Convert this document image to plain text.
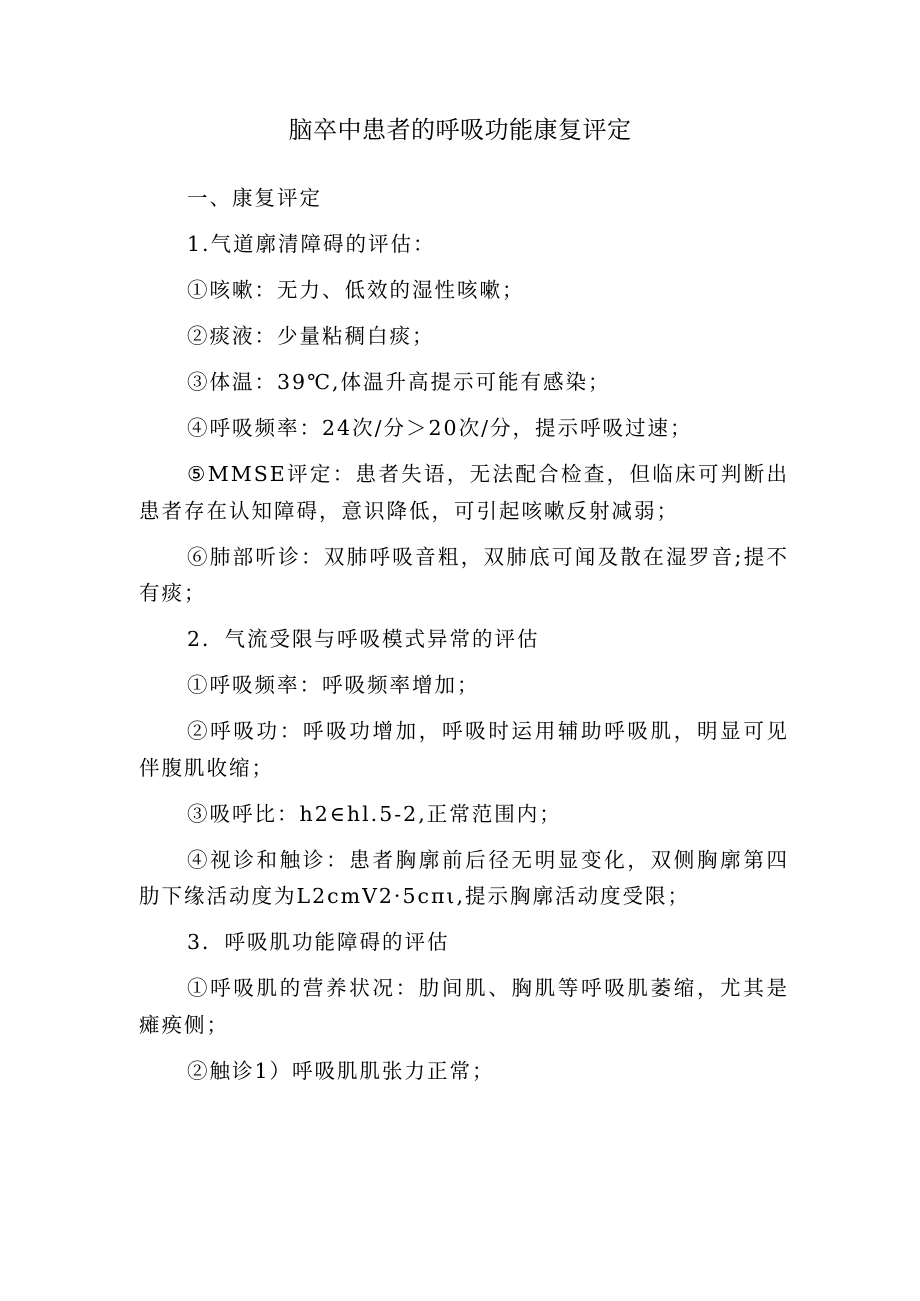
脑卒中患者的呼吸功能康复评定

一、康复评定

1.气道廓清障碍的评估：

①咳嗽：无力、低效的湿性咳嗽；

②痰液：少量粘稠白痰；

③体温：39℃,体温升高提示可能有感染；

④呼吸频率：24次/分＞20次/分，提示呼吸过速；

⑤MMSE评定：患者失语，无法配合检查，但临床可判断出患者存在认知障碍，意识降低，可引起咳嗽反射减弱；

⑥肺部听诊：双肺呼吸音粗，双肺底可闻及散在湿罗音;提不有痰；

2．气流受限与呼吸模式异常的评估

①呼吸频率：呼吸频率增加；

②呼吸功：呼吸功增加，呼吸时运用辅助呼吸肌，明显可见伴腹肌收缩；

③吸呼比：h2∈hl.5-2,正常范围内；

④视诊和触诊：患者胸廓前后径无明显变化，双侧胸廓第四肋下缘活动度为L2cmV2·5cπι,提示胸廓活动度受限；

3．呼吸肌功能障碍的评估

①呼吸肌的营养状况：肋间肌、胸肌等呼吸肌萎缩，尤其是瘫痪侧；

②触诊1）呼吸肌肌张力正常；
